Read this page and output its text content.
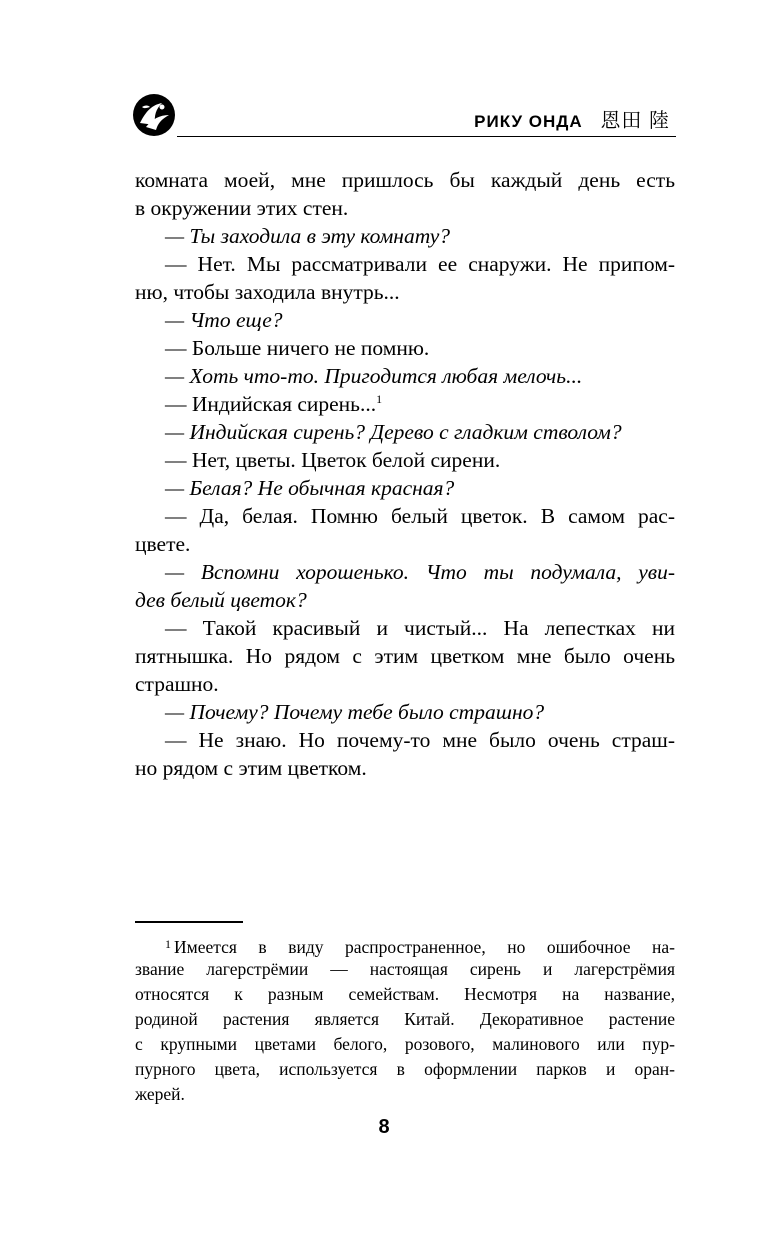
РИКУ ОНДА 恩田 陸
комната моей, мне пришлось бы каждый день есть
в окружении этих стен.
— Ты заходила в эту комнату?
— Нет. Мы рассматривали ее снаружи. Не припом-
ню, чтобы заходила внутрь...
— Что еще?
— Больше ничего не помню.
— Хоть что-то. Пригодится любая мелочь...
— Индийская сирень...$^1$
— Индийская сирень? Дерево с гладким стволом?
— Нет, цветы. Цветок белой сирени.
— Белая? Не обычная красная?
— Да, белая. Помню белый цветок. В самом рас-
цвете.
— Вспомни хорошенько. Что ты подумала, уви-
дев белый цветок?
— Такой красивый и чистый... На лепестках ни
пятнышка. Но рядом с этим цветком мне было очень
страшно.
— Почему? Почему тебе было страшно?
— Не знаю. Но почему-то мне было очень страш-
но рядом с этим цветком.
$^1$ Имеется в виду распространенное, но ошибочное на-
звание лагерстрёмии — настоящая сирень и лагерстрёмия
относятся к разным семействам. Несмотря на название,
родиной растения является Китай. Декоративное растение
с крупными цветами белого, розового, малинового или пур-
пурного цвета, используется в оформлении парков и оран-
жерей.
8
